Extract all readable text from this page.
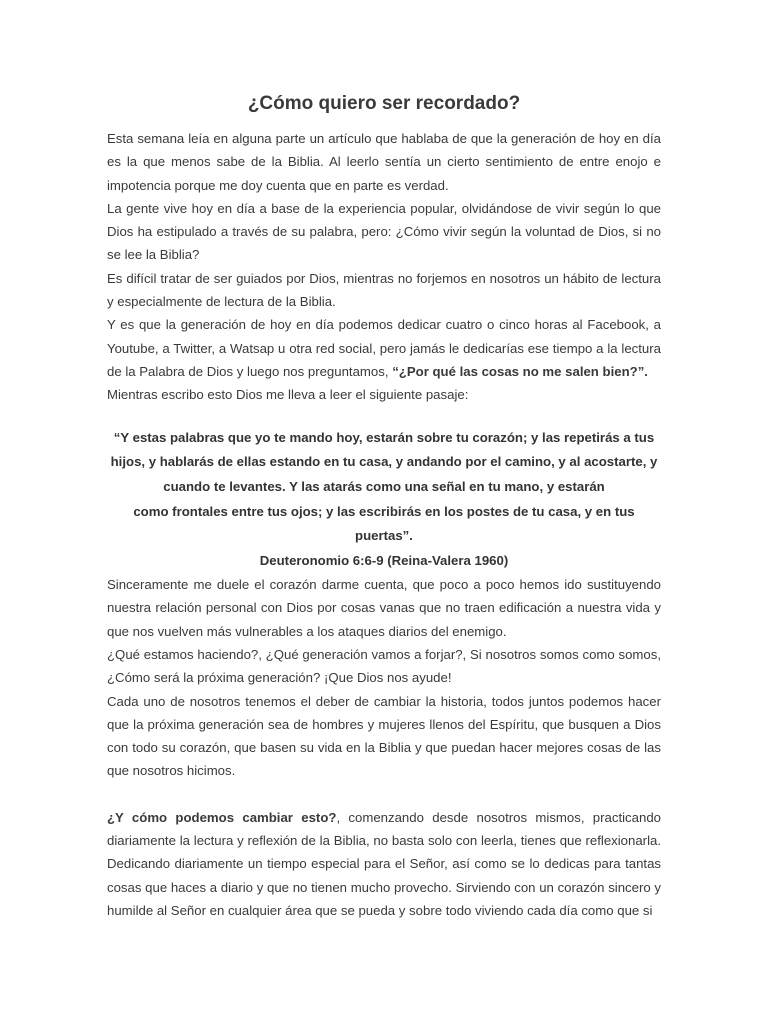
¿Cómo quiero ser recordado?

Esta semana leía en alguna parte un artículo que hablaba de que la generación de hoy en día es la que menos sabe de la Biblia. Al leerlo sentía un cierto sentimiento de entre enojo e impotencia porque me doy cuenta que en parte es verdad.

La gente vive hoy en día a base de la experiencia popular, olvidándose de vivir según lo que Dios ha estipulado a través de su palabra, pero: ¿Cómo vivir según la voluntad de Dios, si no se lee la Biblia?

Es difícil tratar de ser guiados por Dios, mientras no forjemos en nosotros un hábito de lectura y especialmente de lectura de la Biblia.

Y es que la generación de hoy en día podemos dedicar cuatro o cinco horas al Facebook, a Youtube, a Twitter, a Watsap u otra red social, pero jamás le dedicarías ese tiempo a la lectura de la Palabra de Dios y luego nos preguntamos, “¿Por qué las cosas no me salen bien?”.

Mientras escribo esto Dios me lleva a leer el siguiente pasaje:

“Y estas palabras que yo te mando hoy, estarán sobre tu corazón; y las repetirás a tus
hijos, y hablarás de ellas estando en tu casa, y andando por el camino, y al acostarte, y
cuando te levantes. Y las atarás como una señal en tu mano, y estarán
como frontales entre tus ojos; y las escribirás en los postes de tu casa, y en tus
puertas”.
Deuteronomio 6:6-9 (Reina-Valera 1960)

Sinceramente me duele el corazón darme cuenta, que poco a poco hemos ido sustituyendo nuestra relación personal con Dios por cosas vanas que no traen edificación a nuestra vida y que nos vuelven más vulnerables a los ataques diarios del enemigo.

¿Qué estamos haciendo?, ¿Qué generación vamos a forjar?, Si nosotros somos como somos, ¿Cómo será la próxima generación? ¡Que Dios nos ayude!

Cada uno de nosotros tenemos el deber de cambiar la historia, todos juntos podemos hacer que la próxima generación sea de hombres y mujeres llenos del Espíritu, que busquen a Dios con todo su corazón, que basen su vida en la Biblia y que puedan hacer mejores cosas de las que nosotros hicimos.

¿Y cómo podemos cambiar esto?, comenzando desde nosotros mismos, practicando diariamente la lectura y reflexión de la Biblia, no basta solo con leerla, tienes que reflexionarla. Dedicando diariamente un tiempo especial para el Señor, así como se lo dedicas para tantas cosas que haces a diario y que no tienen mucho provecho. Sirviendo con un corazón sincero y humilde al Señor en cualquier área que se pueda y sobre todo viviendo cada día como que si
